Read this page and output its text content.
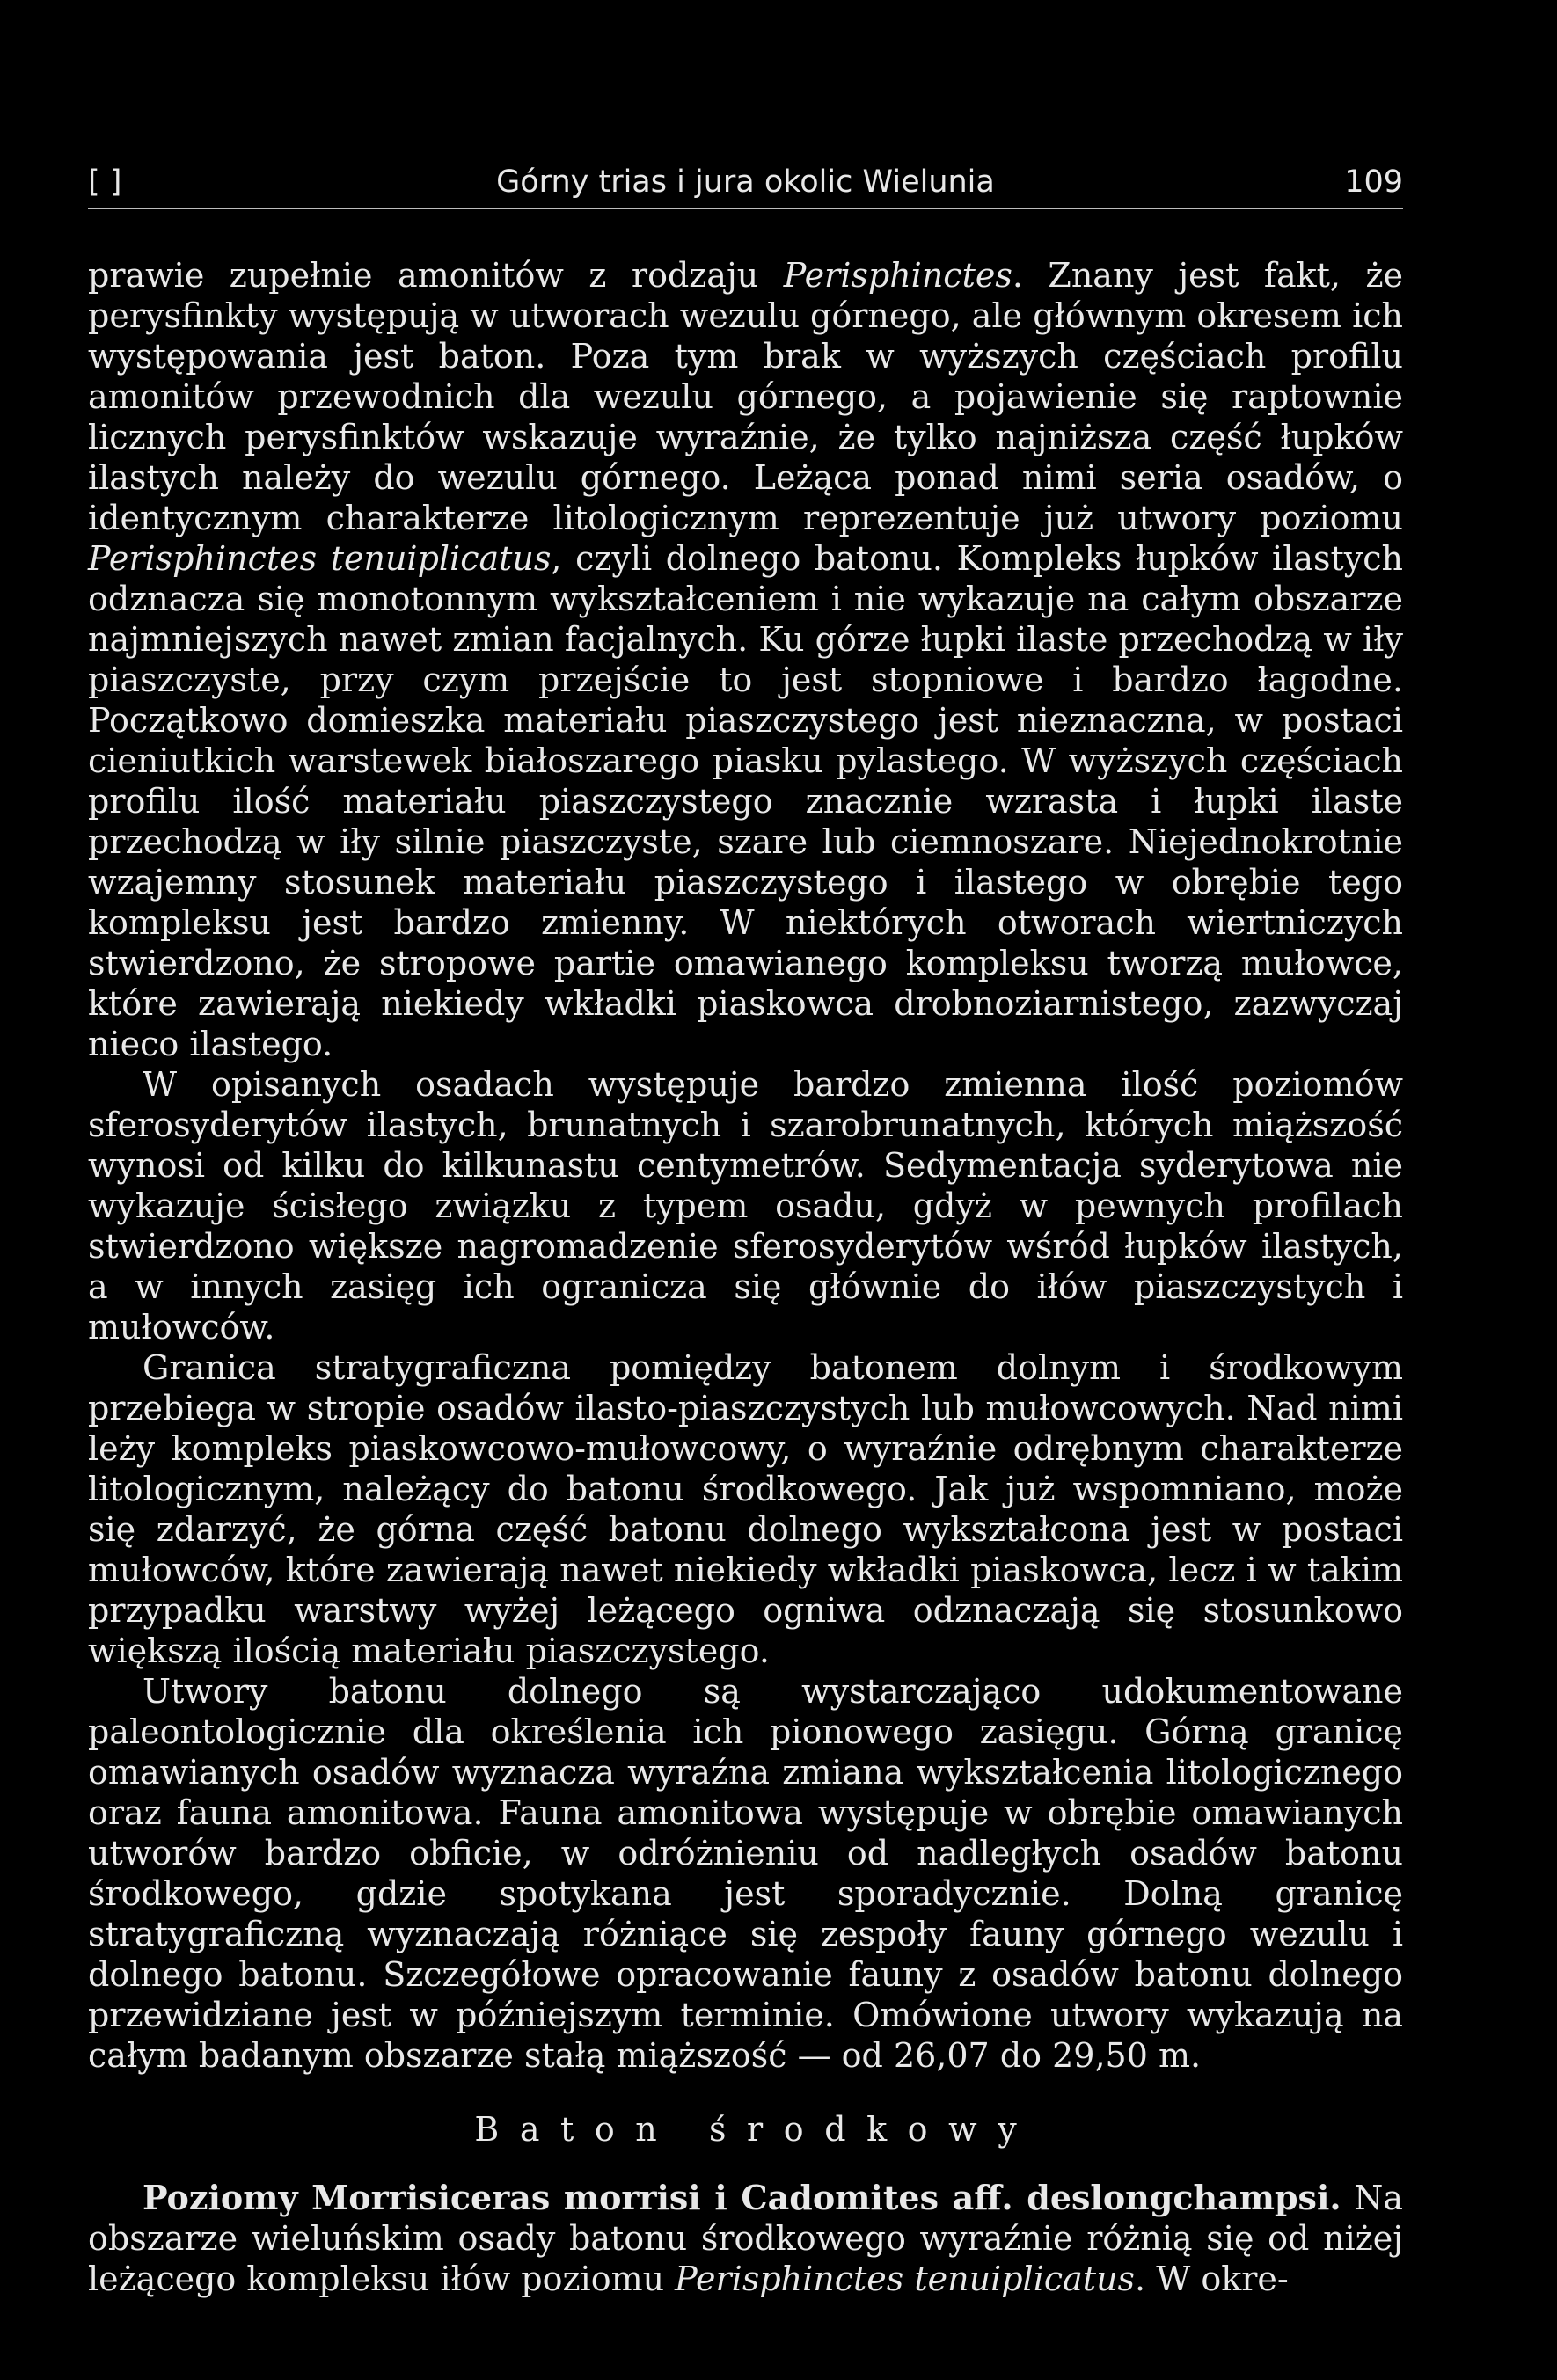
[ ]	Górny trias i jura okolic Wielunia	109

prawie zupełnie amonitów z rodzaju Perisphinctes. Znany jest fakt, że perysfinkty występują w utworach wezulu górnego, ale głównym okresem ich występowania jest baton. Poza tym brak w wyższych częściach profilu amonitów przewodnich dla wezulu górnego, a pojawienie się raptownie licznych perysfinktów wskazuje wyraźnie, że tylko najniższa część łupków ilastych należy do wezulu górnego. Leżąca ponad nimi seria osadów, o identycznym charakterze litologicznym reprezentuje już utwory poziomu Perisphinctes tenuiplicatus, czyli dolnego batonu. Kompleks łupków ilastych odznacza się monotonnym wykształceniem i nie wykazuje na całym obszarze najmniejszych nawet zmian facjalnych. Ku górze łupki ilaste przechodzą w iły piaszczyste, przy czym przejście to jest stopniowe i bardzo łagodne. Początkowo domieszka materiału piaszczystego jest nieznaczna, w postaci cieniutkich warstewek białoszarego piasku pylastego. W wyższych częściach profilu ilość materiału piaszczystego znacznie wzrasta i łupki ilaste przechodzą w iły silnie piaszczyste, szare lub ciemnoszare. Niejednokrotnie wzajemny stosunek materiału piaszczystego i ilastego w obrębie tego kompleksu jest bardzo zmienny. W niektórych otworach wiertniczych stwierdzono, że stropowe partie omawianego kompleksu tworzą mułowce, które zawierają niekiedy wkładki piaskowca drobnoziarnistego, zazwyczaj nieco ilastego.

W opisanych osadach występuje bardzo zmienna ilość poziomów sferosyderytów ilastych, brunatnych i szarobrunatnych, których miąższość wynosi od kilku do kilkunastu centymetrów. Sedymentacja syderytowa nie wykazuje ścisłego związku z typem osadu, gdyż w pewnych profilach stwierdzono większe nagromadzenie sferosyderytów wśród łupków ilastych, a w innych zasięg ich ogranicza się głównie do iłów piaszczystych i mułowców.

Granica stratygraficzna pomiędzy batonem dolnym i środkowym przebiega w stropie osadów ilasto-piaszczystych lub mułowcowych. Nad nimi leży kompleks piaskowcowo-mułowcowy, o wyraźnie odrębnym charakterze litologicznym, należący do batonu środkowego. Jak już wspomniano, może się zdarzyć, że górna część batonu dolnego wykształcona jest w postaci mułowców, które zawierają nawet niekiedy wkładki piaskowca, lecz i w takim przypadku warstwy wyżej leżącego ogniwa odznaczają się stosunkowo większą ilością materiału piaszczystego.

Utwory batonu dolnego są wystarczająco udokumentowane paleontologicznie dla określenia ich pionowego zasięgu. Górną granicę omawianych osadów wyznacza wyraźna zmiana wykształcenia litologicznego oraz fauna amonitowa. Fauna amonitowa występuje w obrębie omawianych utworów bardzo obficie, w odróżnieniu od nadległych osadów batonu środkowego, gdzie spotykana jest sporadycznie. Dolną granicę stratygraficzną wyznaczają różniące się zespoły fauny górnego wezulu i dolnego batonu. Szczegółowe opracowanie fauny z osadów batonu dolnego przewidziane jest w późniejszym terminie. Omówione utwory wykazują na całym badanym obszarze stałą miąższość — od 26,07 do 29,50 m.

Baton środkowy

Poziomy Morrisiceras morrisi i Cadomites aff. deslongchampsi. Na obszarze wieluńskim osady batonu środkowego wyraźnie różnią się od niżej leżącego kompleksu iłów poziomu Perisphinctes tenuiplicatus. W okre-
